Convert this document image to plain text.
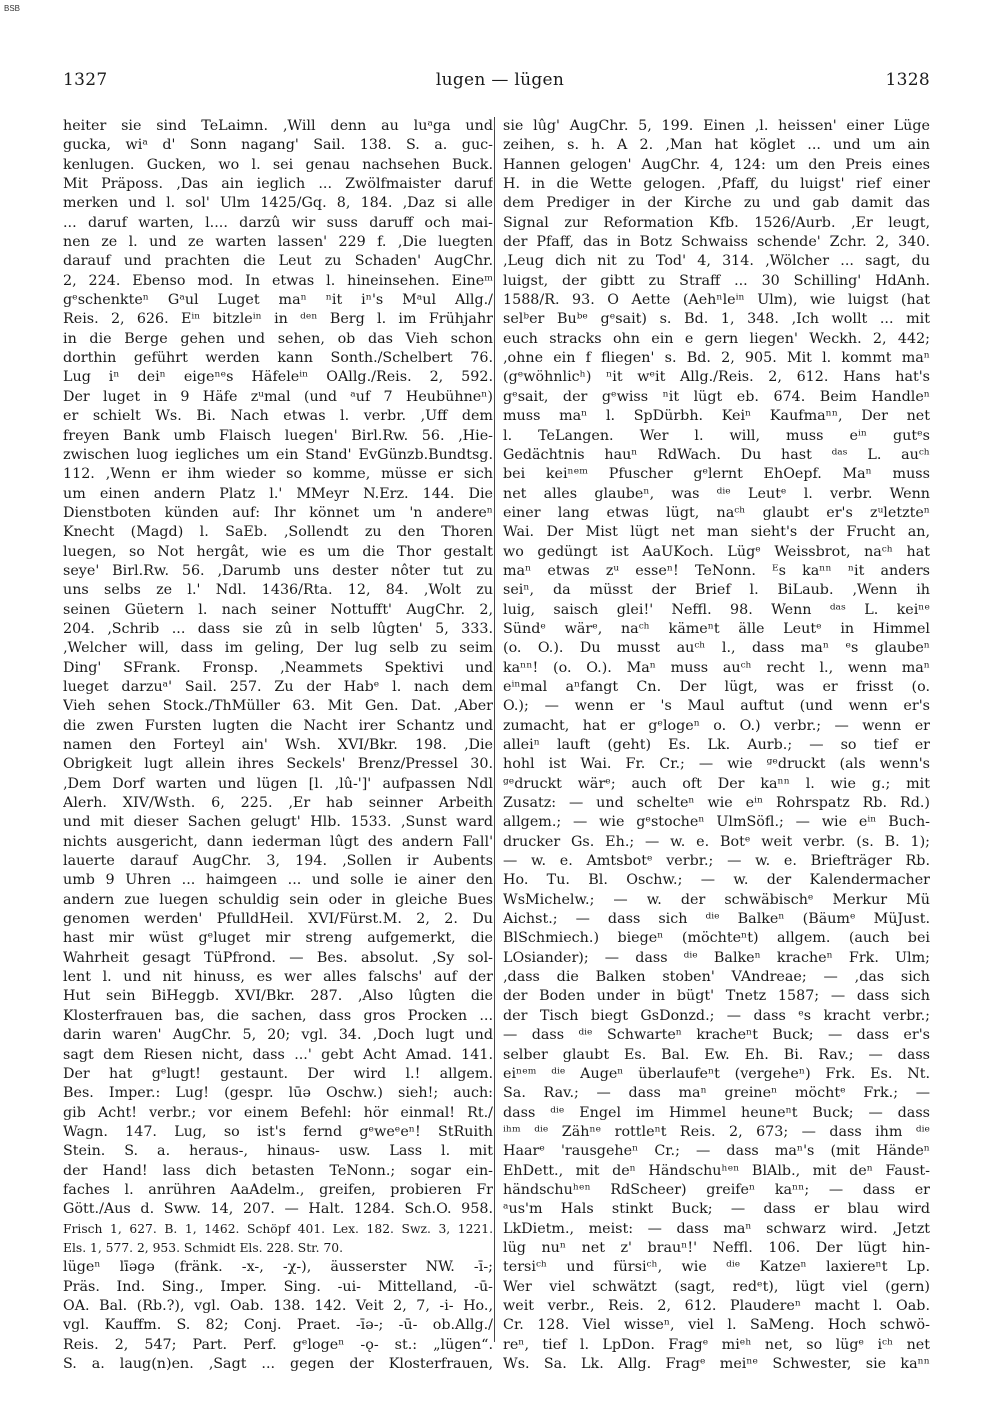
BSB
1327	lugen — lügen	1328
heiter sie sind TeLaimn. ‚Will denn au luᵃga und
gucka, wiᵃ d' Sonn nagang' Sail. 138. S. a. guc-
kenlugen. Gucken, wo l. sei genau nachsehen Buck.
Mit Präposs. ‚Das ain ieglich ... Zwölfmaister daruf
merken und l. sol' Ulm 1425/Gq. 8, 184. ‚Daz si alle
... daruf warten, l.... darzû wir suss daruff och mai-
nen ze l. und ze warten lassen' 229 f. ‚Die luegten
darauf und prachten die Leut zu Schaden' AugChr.
2, 224. Ebenso mod. In etwas l. hineinsehen. Eineᵐ
gᵉschenkteⁿ Gᵃul Luget maⁿ ⁿit iⁿ's Mᵃul Allg./
Reis. 2, 626. Eⁱⁿ bitzleⁱⁿ in ᵈᵉⁿ Berg l. im Frühjahr
in die Berge gehen und sehen, ob das Vieh schon
dorthin geführt werden kann Sonth./Schelbert 76.
Lug iⁿ deiⁿ eigeⁿᵉs Häfeleⁱⁿ OAllg./Reis. 2, 592.
Der luget in 9 Häfe zᵘmal (und ᵃuf 7 Heubühneⁿ)
er schielt Ws. Bi. Nach etwas l. verbr. ‚Uff dem
freyen Bank umb Flaisch luegen' Birl.Rw. 56. ‚Hie-
zwischen luog iegliches um ein Stand' EvGünzb.Bundtsg.
112. ‚Wenn er ihm wieder so komme, müsse er sich
um einen andern Platz l.' MMeyr N.Erz. 144. Die
Dienstboten künden auf: Ihr könnet um 'n andereⁿ
Knecht (Magd) l. SaEb. ‚Sollendt zu den Thoren
luegen, so Not hergât, wie es um die Thor gestalt
seye' Birl.Rw. 56. ‚Darumb uns dester nôter tut zu
uns selbs ze l.' Ndl. 1436/Rta. 12, 84. ‚Wolt zu
seinen Güetern l. nach seiner Nottufft' AugChr. 2,
204. ‚Schrib ... dass sie zû in selb lûgten' 5, 333.
‚Welcher will, dass im geling, Der lug selb zu seim
Ding' SFrank. Fronsp. ‚Neammets Spektivi und
lueget darzuᵃ' Sail. 257. Zu der Habᵉ l. nach dem
Vieh sehen Stock./ThMüller 63. Mit Gen. Dat. ‚Aber
die zwen Fursten lugten die Nacht irer Schantz und
namen den Forteyl ain' Wsh. XVI/Bkr. 198. ‚Die
Obrigkeit lugt allein ihres Seckels' Brenz/Pressel 30.
‚Dem Dorf warten und lügen [l. ‚lû-']' aufpassen Ndl
Alerh. XIV/Wsth. 6, 225. ‚Er hab seinner Arbeith
und mit dieser Sachen gelugt' Hlb. 1533. ‚Sunst ward
nichts ausgericht, dann iederman lûgt des andern Fall'
lauerte darauf AugChr. 3, 194. ‚Sollen ir Aubents
umb 9 Uhren ... haimgeen ... und solle ie ainer den
andern zue luegen schuldig sein oder in gleiche Bues
genomen werden' PfulldHeil. XVI/Fürst.M. 2, 2. Du
hast mir wüst gᵉluget mir streng aufgemerkt, die
Wahrheit gesagt TüPfrond. — Bes. absolut. ‚Sy sol-
lent l. und nit hinuss, es wer alles falschs' auf der
Hut sein BiHeggb. XVI/Bkr. 287. ‚Also lûgten die
Klosterfrauen bas, die sachen, dass gros Procken ...
darin waren' AugChr. 5, 20; vgl. 34. ‚Doch lugt und
sagt dem Riesen nicht, dass ...' gebt Acht Amad. 141.
Der hat gᵉlugt! gestaunt. Der wird l.! allgem.
Bes. Imper.: Lug! (gespr. lūə Oschw.) sieh!; auch:
gib Acht! verbr.; vor einem Befehl: hör einmal! Rt./
Wagn. 147. Lug, so ist's fernd gᵉweᵉeⁿ! StRuith
Stein. S. a. heraus-, hinaus- usw. Lass l. mit
der Hand! lass dich betasten TeNonn.; sogar ein-
faches l. anrühren AaAdelm., greifen, probieren Fr
Gött./Aus d. Sww. 14, 207. — Halt. 1284. Sch.O. 958.
Frisch 1, 627. B. 1, 1462. Schöpf 401. Lex. 182. Swz. 3, 1221.
Els. 1, 577. 2, 953. Schmidt Els. 228. Str. 70.
lügeⁿ līəgə (fränk. -x-, -χ-), äusserster NW. -ī-;
Präs. Ind. Sing., Imper. Sing. -ui- Mittelland, -ū-
OA. Bal. (Rb.?), vgl. Oab. 138. 142. Veit 2, 7, -i- Ho.,
vgl. Kauffm. S. 82; Conj. Praet. -īə-; -ū- ob.Allg./
Reis. 2, 547; Part. Perf. gᵉlogeⁿ -ǫ- st.: „lügen“.
S. a. laug(n)en. ‚Sagt ... gegen der Klosterfrauen,
sie lûg' AugChr. 5, 199. Einen ‚l. heissen' einer Lüge
zeihen, s. h. A 2. ‚Man hat köglet ... und um ain
Hannen gelogen' AugChr. 4, 124: um den Preis eines
H. in die Wette gelogen. ‚Pfaff, du luigst' rief einer
dem Prediger in der Kirche zu und gab damit das
Signal zur Reformation Kfb. 1526/Aurb. ‚Er leugt,
der Pfaff, das in Botz Schwaiss schende' Zchr. 2, 340.
‚Leug dich nit zu Tod' 4, 314. ‚Wölcher ... sagt, du
luigst, der gibtt zu Straff ... 30 Schilling' HdAnh.
1588/R. 93. O Aette (Aehⁿleⁱⁿ Ulm), wie luigst (hat
selᵇer Buᵇᵉ gᵉsait) s. Bd. 1, 348. ‚Ich wollt ... mit
euch stracks ohn ein e gern liegen' Weckh. 2, 442;
‚ohne ein f fliegen' s. Bd. 2, 905. Mit l. kommt maⁿ
(gᵉwöhnlicʰ) ⁿit wᵉit Allg./Reis. 2, 612. Hans hat's
gᵉsait, der gᵉwiss ⁿit lügt eb. 674. Beim Handleⁿ
muss maⁿ l. SpDürbh. Keiⁿ Kaufmaⁿⁿ, Der net
l. TeLangen. Wer l. will, muss eⁱⁿ gutᵉs
Gedächtnis hauⁿ RdWach. Du hast ᵈᵃˢ L. auᶜʰ
bei keiⁿᵉᵐ Pfuscher gᵉlernt EhOepf. Maⁿ muss
net alles glaubeⁿ, was ᵈⁱᵉ Leutᵉ l. verbr. Wenn
einer lang etwas lügt, naᶜʰ glaubt er's zᵘletzteⁿ
Wai. Der Mist lügt net man sieht's der Frucht an,
wo gedüngt ist AaUKoch. Lügᵉ Weissbrot, naᶜʰ hat
maⁿ etwas zᵘ esseⁿ! TeNonn. ᴱs kaⁿⁿ ⁿit anders
seiⁿ, da müsst der Brief l. BiLaub. ‚Wenn ih
luig, saisch glei!' Neffl. 98. Wenn ᵈᵃˢ L. keiⁿᵉ
Sündᵉ wärᵉ, naᶜʰ kämeⁿt älle Leutᵉ in Himmel
(o. O.). Du musst auᶜʰ l., dass maⁿ ᵉs glaubeⁿ
kaⁿⁿ! (o. O.). Maⁿ muss auᶜʰ recht l., wenn maⁿ
eⁱⁿmal aⁿfangt Cn. Der lügt, was er frisst (o.
O.); — wenn er 's Maul auftut (und wenn er's
zumacht, hat er gᵉlogeⁿ o. O.) verbr.; — wenn er
alleiⁿ lauft (geht) Es. Lk. Aurb.; — so tief er
hohl ist Wai. Fr. Cr.; — wie ᵍᵉdruckt (als wenn's
ᵍᵉdruckt wärᵉ; auch oft Der kaⁿⁿ l. wie g.; mit
Zusatz: — und schelteⁿ wie eⁱⁿ Rohrspatz Rb. Rd.)
allgem.; — wie gᵉstocheⁿ UlmSöfl.; — wie eⁱⁿ Buch-
drucker Gs. Eh.; — w. e. Botᵉ weit verbr. (s. B. 1);
— w. e. Amtsbotᵉ verbr.; — w. e. Briefträger Rb.
Ho. Tu. Bl. Oschw.; — w. der Kalendermacher
WsMichelw.; — w. der schwäbischᵉ Merkur Mü
Aichst.; — dass sich ᵈⁱᵉ Balkeⁿ (Bäumᵉ MüJust.
BlSchmiech.) biegeⁿ (möchteⁿt) allgem. (auch bei
LOsiander); — dass ᵈⁱᵉ Balkeⁿ kracheⁿ Frk. Ulm;
‚dass die Balken stoben' VAndreae; — ‚das sich
der Boden under in bügt' Tnetz 1587; — dass sich
der Tisch biegt GsDonzd.; — dass ᵉs kracht verbr.;
— dass ᵈⁱᵉ Schwarteⁿ kracheⁿt Buck; — dass er's
selber glaubt Es. Bal. Ew. Eh. Bi. Rav.; — dass
eiⁿᵉᵐ ᵈⁱᵉ Augeⁿ überlaufeⁿt (vergeheⁿ) Frk. Es. Nt.
Sa. Rav.; — dass maⁿ greineⁿ möchtᵉ Frk.; —
dass ᵈⁱᵉ Engel im Himmel heuneⁿt Buck; — dass
ⁱʰᵐ ᵈⁱᵉ Zähⁿᵉ rottleⁿt Reis. 2, 673; — dass ihm ᵈⁱᵉ
Haarᵉ 'rausgeheⁿ Cr.; — dass maⁿ's (mit Händeⁿ
EhDett., mit deⁿ Händschuʰᵉⁿ BlAlb., mit deⁿ Faust-
händschuʰᵉⁿ RdScheer) greifeⁿ kaⁿⁿ; — dass er
ᵃus'm Hals stinkt Buck; — dass er blau wird
LkDietm., meist: — dass maⁿ schwarz wird. ‚Jetzt
lüg nuⁿ net z' brauⁿ!' Neffl. 106. Der lügt hin-
tersiᶜʰ und fürsiᶜʰ, wie ᵈⁱᵉ Katzeⁿ laxiereⁿt Lp.
Wer viel schwätzt (sagt, redᵉt), lügt viel (gern)
weit verbr., Reis. 2, 612. Plaudereⁿ macht l. Oab.
Cr. 128. Viel wisseⁿ, viel l. SaMeng. Hoch schwö-
reⁿ, tief l. LpDon. Fragᵉ miᵉʰ net, so lügᵉ iᶜʰ net
Ws. Sa. Lk. Allg. Fragᵉ meiⁿᵉ Schwester, sie kaⁿⁿ
